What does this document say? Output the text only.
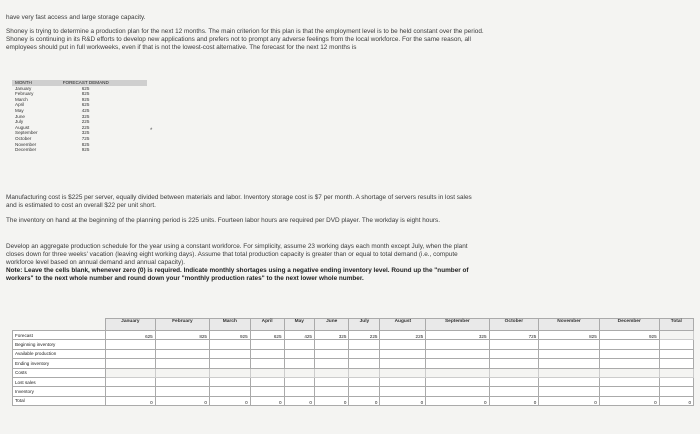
have very fast access and large storage capacity.

Shoney is trying to determine a production plan for the next 12 months. The main criterion for this plan is that the employment level is to be held constant over the period. Shoney is continuing in its R&D efforts to develop new applications and prefers not to prompt any adverse feelings from the local workforce. For the same reason, all employees should put in full workweeks, even if that is not the lowest-cost alternative. The forecast for the next 12 months is

MONTH	FORECAST DEMAND
January	625
February	825
March	925
April	625
May	425
June	325
July	225
August	225
September	325
October	725
November	825
December	925
*

Manufacturing cost is $225 per server, equally divided between materials and labor. Inventory storage cost is $7 per month. A shortage of servers results in lost sales and is estimated to cost an overall $22 per unit short.

The inventory on hand at the beginning of the planning period is 225 units. Fourteen labor hours are required per DVD player. The workday is eight hours.

Develop an aggregate production schedule for the year using a constant workforce. For simplicity, assume 23 working days each month except July, when the plant closes down for three weeks' vacation (leaving eight working days). Assume that total production capacity is greater than or equal to total demand (i.e., compute workforce level based on annual demand and annual capacity).

Note: Leave the cells blank, whenever zero (0) is required. Indicate monthly shortages using a negative ending inventory level. Round up the "number of workers" to the next whole number and round down your "monthly production rates" to the next lower whole number.

	January	February	March	April	May	June	July	August	September	October	November	December	Total
Forecast	625	825	925	625	425	325	225	225	325	725	825	925	
Beginning inventory													
Available production													
Ending inventory													
Costs													
Lost sales													
Inventory													
Total	0	0	0	0	0	0	0	0	0	0	0	0	0
